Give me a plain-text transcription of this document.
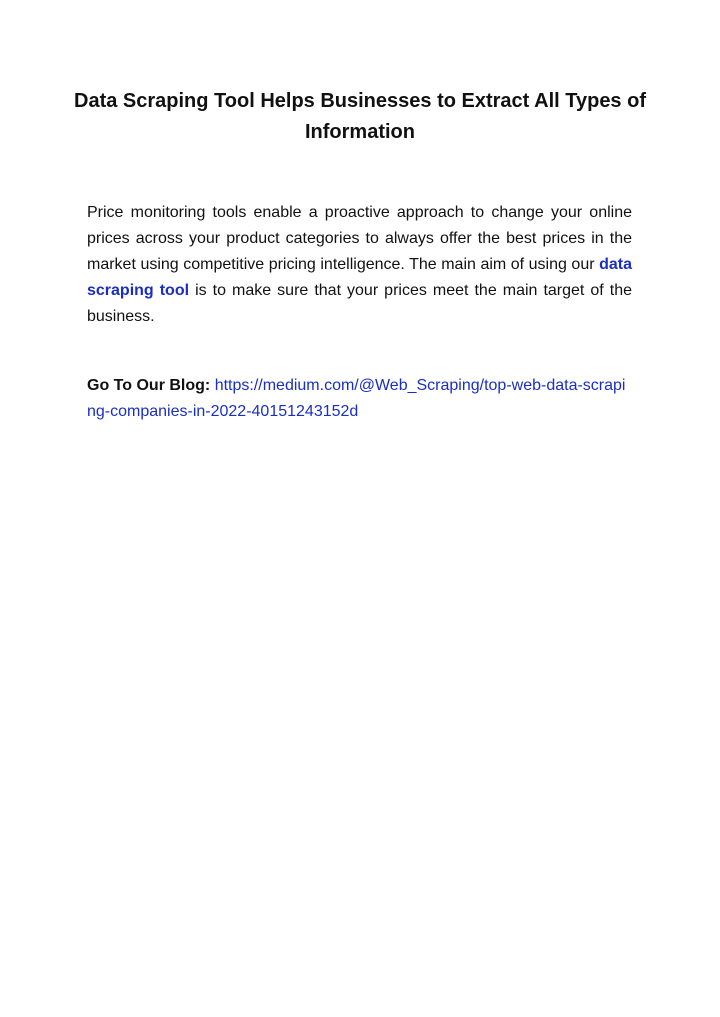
Data Scraping Tool Helps Businesses to Extract All Types of Information

Price monitoring tools enable a proactive approach to change your online prices across your product categories to always offer the best prices in the market using competitive pricing intelligence. The main aim of using our data scraping tool is to make sure that your prices meet the main target of the business.

Go To Our Blog: https://medium.com/@Web_Scraping/top-web-data-scraping-companies-in-2022-40151243152d
